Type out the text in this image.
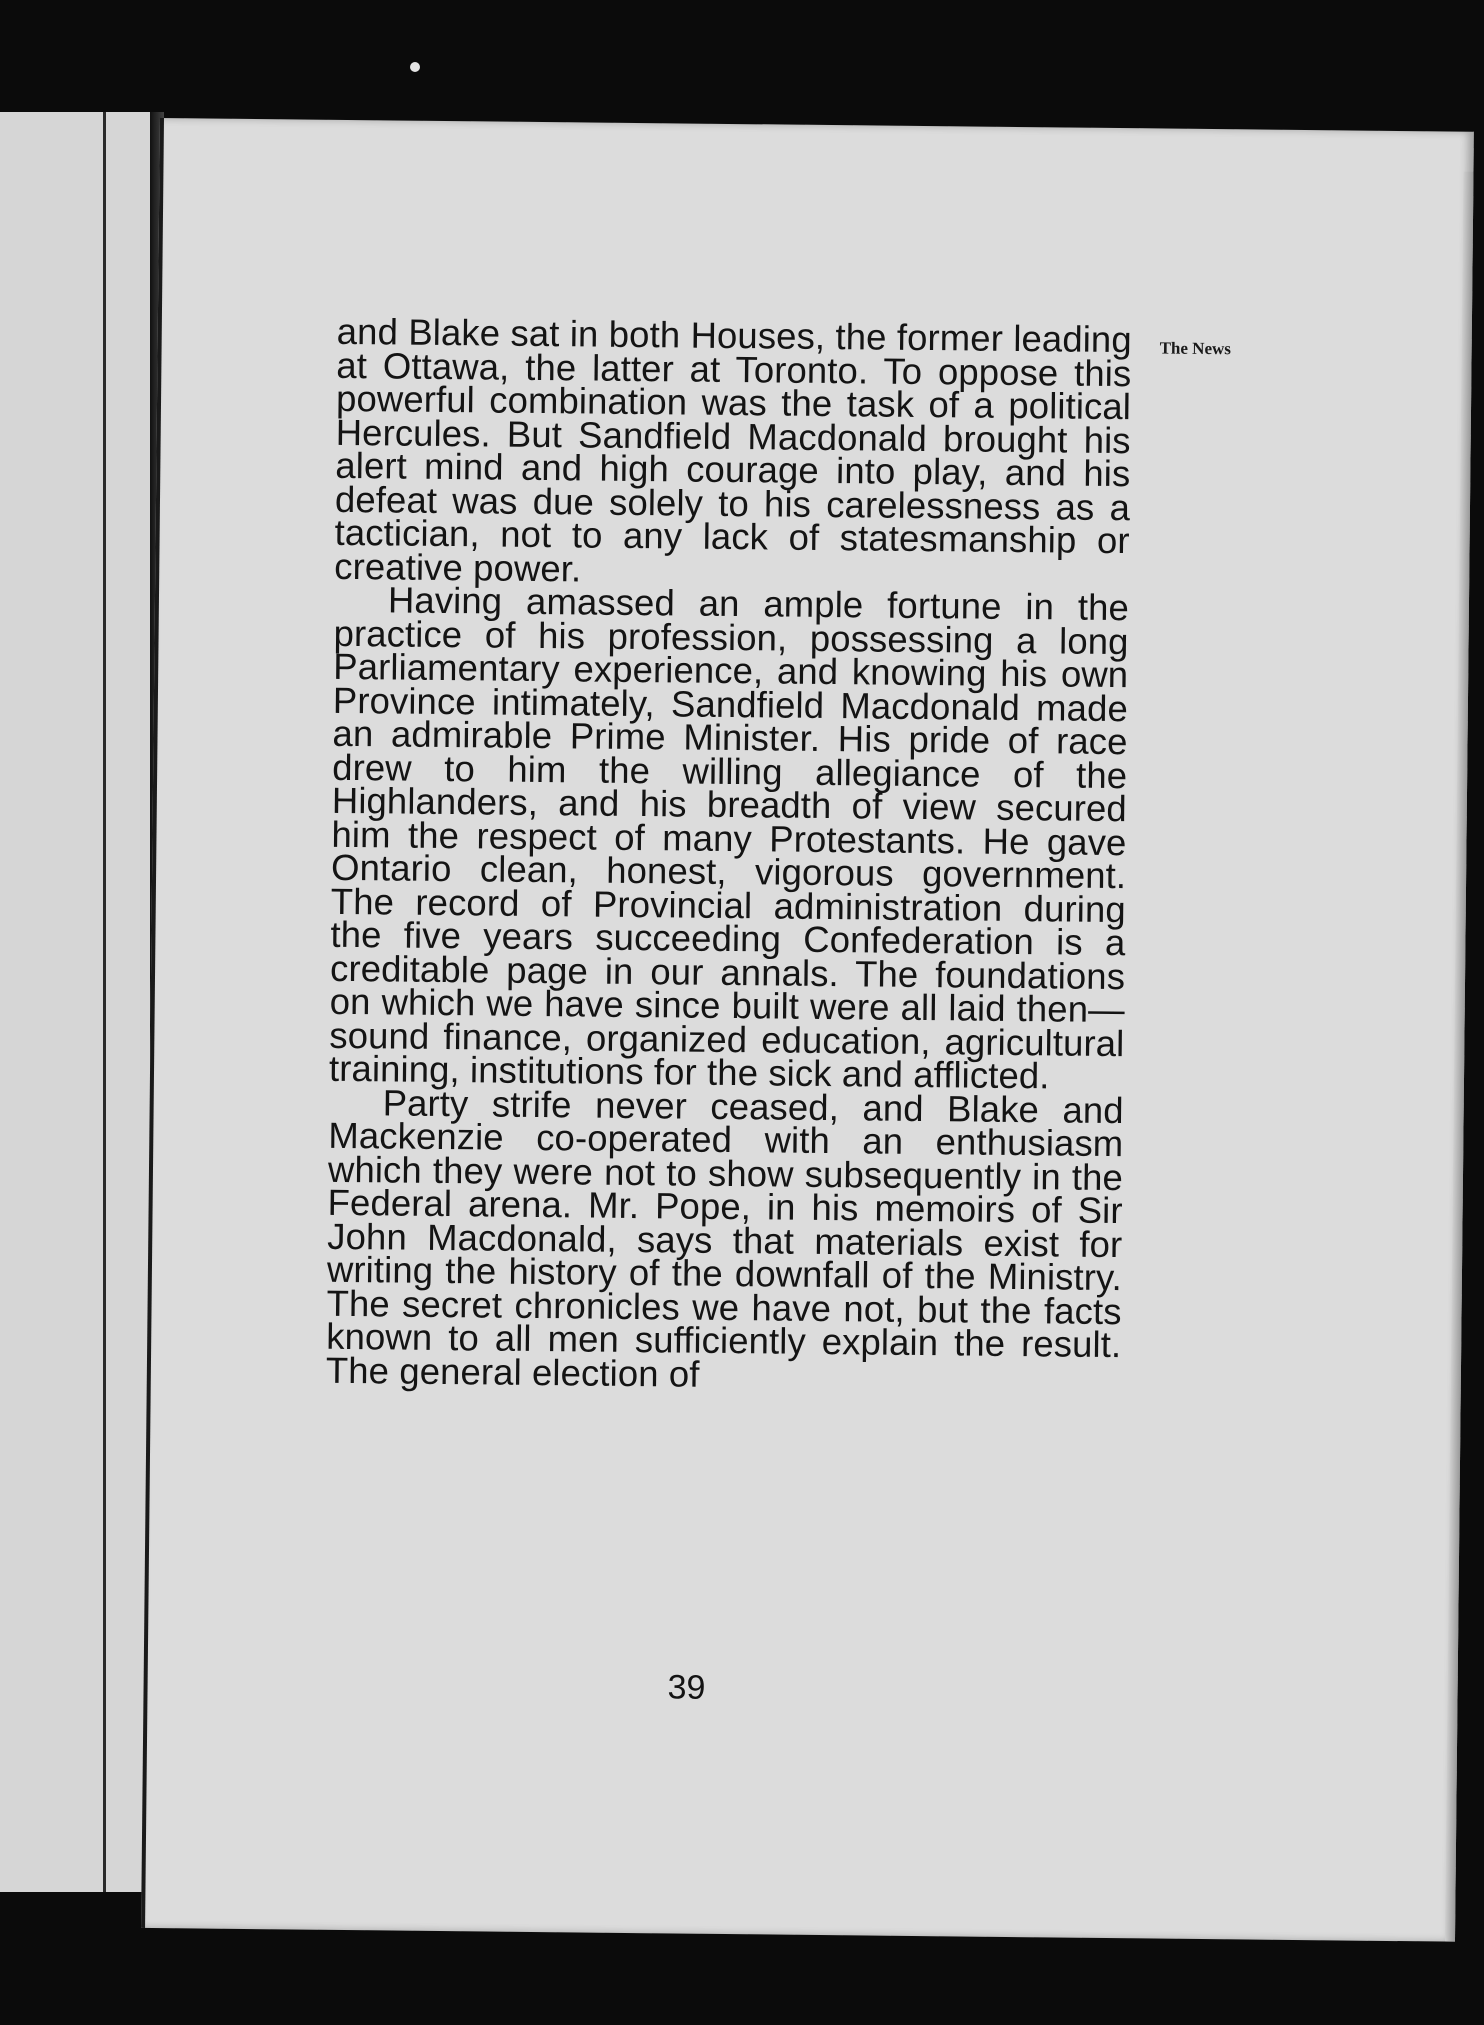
and Blake sat in both Houses, the former leading at Ottawa, the latter at Toronto. To oppose this powerful combination was the task of a political Hercules. But Sandfield Macdonald brought his alert mind and high courage into play, and his defeat was due solely to his carelessness as a tactician, not to any lack of statesmanship or creative power.

Having amassed an ample fortune in the practice of his profession, possessing a long Parliamentary experience, and knowing his own Province intimately, Sandfield Macdonald made an admirable Prime Minister. His pride of race drew to him the willing allegiance of the Highlanders, and his breadth of view secured him the respect of many Protestants. He gave Ontario clean, honest, vigorous government. The record of Provincial administration during the five years succeeding Confederation is a creditable page in our annals. The foundations on which we have since built were all laid then—sound finance, organized education, agricultural training, institutions for the sick and afflicted.

Party strife never ceased, and Blake and Mackenzie co-operated with an enthusiasm which they were not to show subsequently in the Federal arena. Mr. Pope, in his memoirs of Sir John Macdonald, says that materials exist for writing the history of the downfall of the Ministry. The secret chronicles we have not, but the facts known to all men sufficiently explain the result. The general election of

The News
39
